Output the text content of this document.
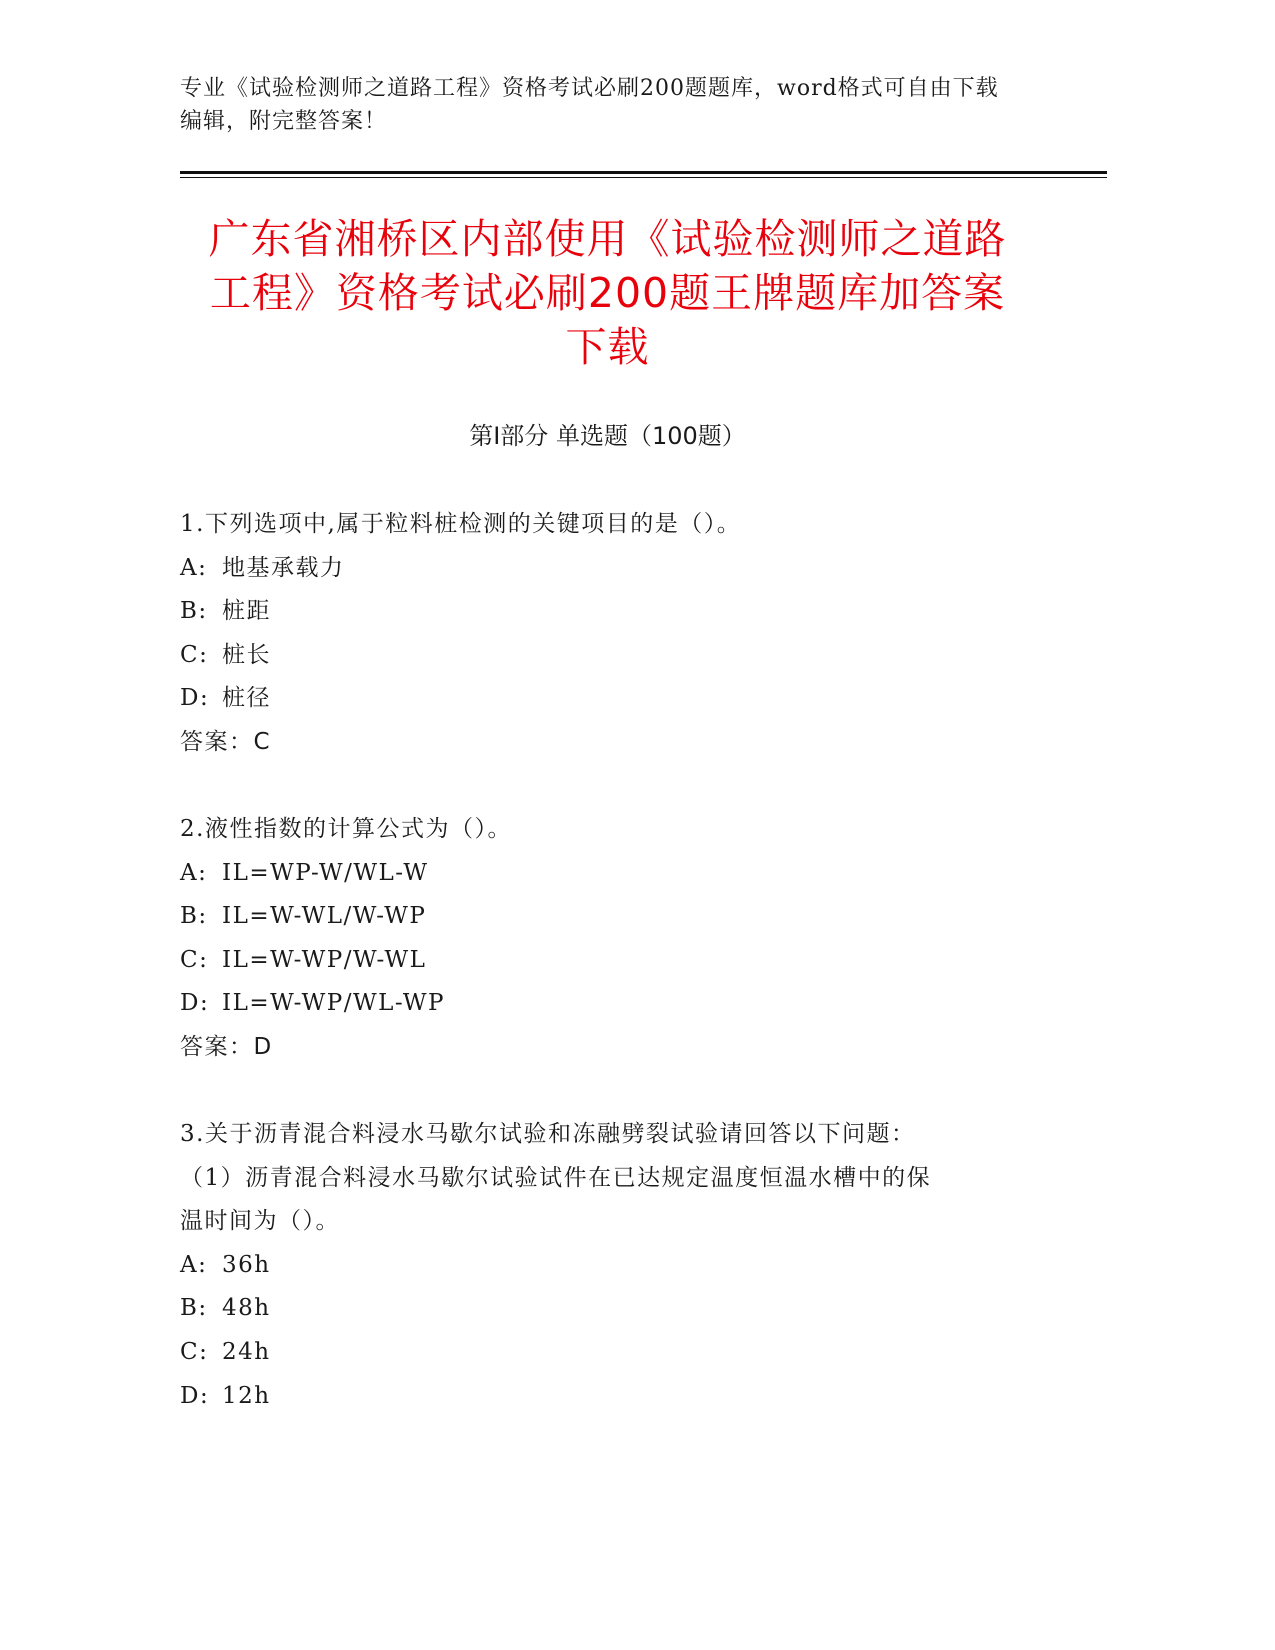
专业《试验检测师之道路工程》资格考试必刷200题题库，word格式可自由下载
编辑，附完整答案！
广东省湘桥区内部使用《试验检测师之道路
工程》资格考试必刷200题王牌题库加答案
下载
第Ⅰ部分 单选题（100题）
1.下列选项中,属于粒料桩检测的关键项目的是（）。
A: 地基承载力
B: 桩距
C: 桩长
D: 桩径
答案：C
2.液性指数的计算公式为（）。
A: IL=WP-W/WL-W
B: IL=W-WL/W-WP
C: IL=W-WP/W-WL
D: IL=W-WP/WL-WP
答案：D
3.关于沥青混合料浸水马歇尔试验和冻融劈裂试验请回答以下问题：
（1）沥青混合料浸水马歇尔试验试件在已达规定温度恒温水槽中的保
温时间为（）。
A: 36h
B: 48h
C: 24h
D: 12h
